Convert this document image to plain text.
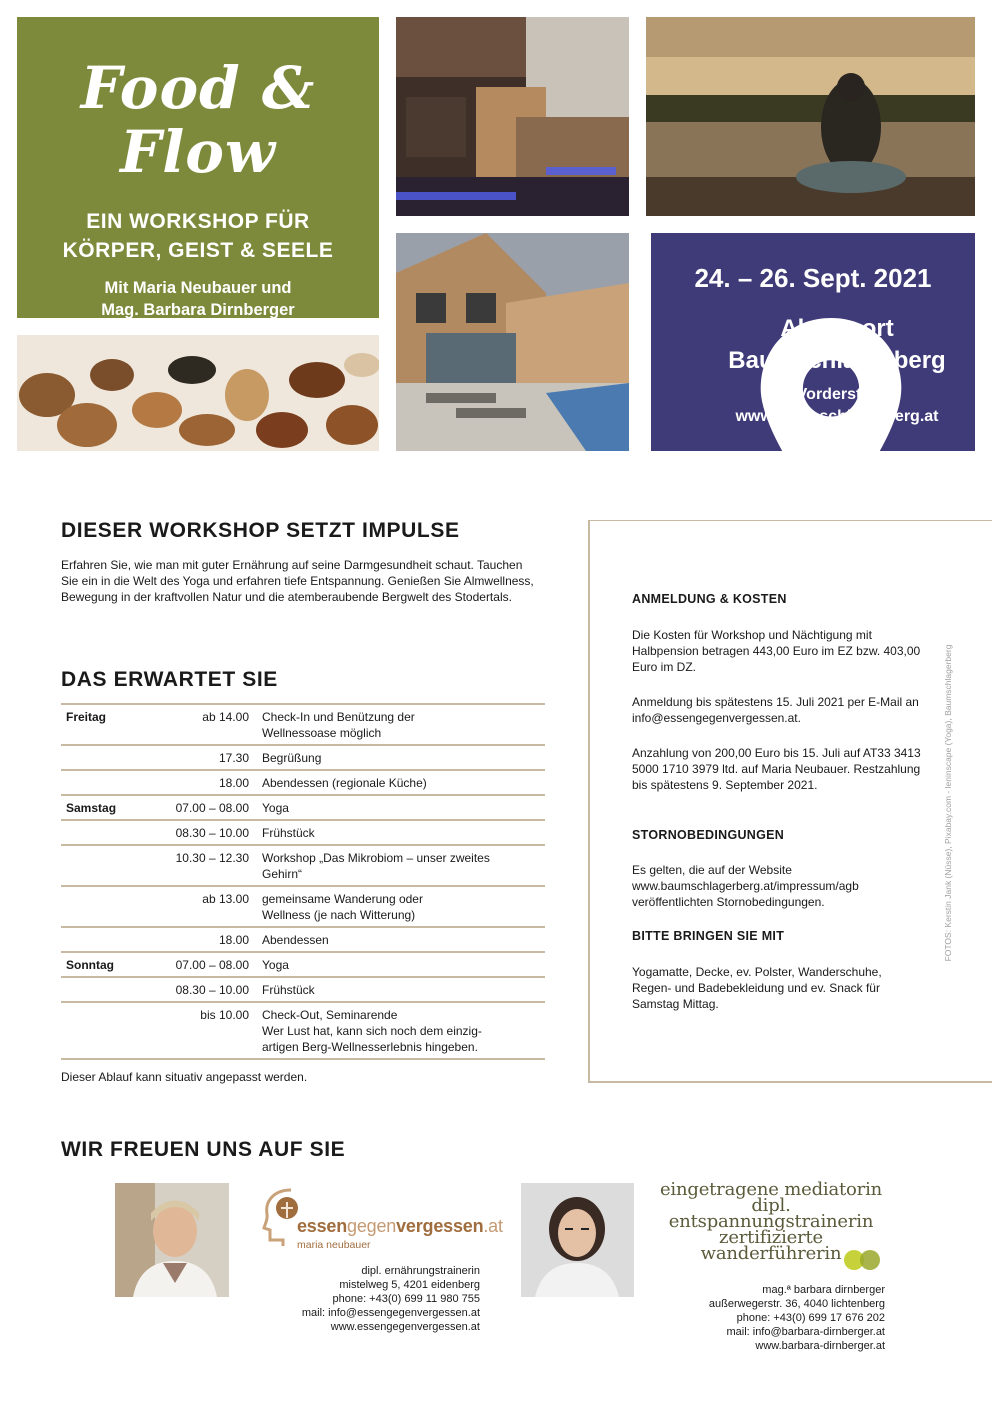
Food & Flow
EIN WORKSHOP FÜR
KÖRPER, GEIST & SEELE
Mit Maria Neubauer und
Mag. Barbara Dirnberger
24. – 26. Sept. 2021
Almresort
Baumschlagerberg
in Vorderstoder
www.baumschlagerberg.at
DIESER WORKSHOP SETZT IMPULSE
Erfahren Sie, wie man mit guter Ernährung auf seine Darmgesundheit schaut. Tauchen Sie ein in die Welt des Yoga und erfahren tiefe Entspannung. Genießen Sie Almwellness, Bewegung in der kraftvollen Natur und die atemberaubende Bergwelt des Stodertals.
DAS ERWARTET SIE
Freitag	ab 14.00	Check-In und Benützung der
Wellnessoase möglich
17.30	Begrüßung
18.00	Abendessen (regionale Küche)
Samstag	07.00 – 08.00	Yoga
08.30 – 10.00	Frühstück
10.30 – 12.30	Workshop „Das Mikrobiom – unser zweites
Gehirn“
ab 13.00	gemeinsame Wanderung oder
Wellness (je nach Witterung)
18.00	Abendessen
Sonntag	07.00 – 08.00	Yoga
08.30 – 10.00	Frühstück
bis 10.00	Check-Out, Seminarende
Wer Lust hat, kann sich noch dem einzig-
artigen Berg-Wellnesserlebnis hingeben.
Dieser Ablauf kann situativ angepasst werden.
ANMELDUNG & KOSTEN
Die Kosten für Workshop und Nächtigung mit Halbpension betragen 443,00 Euro im EZ bzw. 403,00 Euro im DZ.
Anmeldung bis spätestens 15. Juli 2021 per E-Mail an info@essengegenvergessen.at.
Anzahlung von 200,00 Euro bis 15. Juli auf AT33 3413 5000 1710 3979 ltd. auf Maria Neubauer. Restzahlung bis spätestens 9. September 2021.
STORNOBEDINGUNGEN
Es gelten, die auf der Website www.baumschlagerberg.at/impressum/agb veröffentlichten Stornobedingungen.
BITTE BRINGEN SIE MIT
Yogamatte, Decke, ev. Polster, Wanderschuhe, Regen- und Badebekleidung und ev. Snack für Samstag Mittag.
FOTOS: Kerstin Jank (Nüsse), Pixabay.com - leninscape (Yoga), Baumschlagerberg
WIR FREUEN UNS AUF SIE
essengegenvergessen.at
maria neubauer
dipl. ernährungstrainerin
mistelweg 5, 4201 eidenberg
phone: +43(0) 699 11 980 755
mail: info@essengegenvergessen.at
www.essengegenvergessen.at
eingetragene mediatorin
dipl. entspannungstrainerin
zertifizierte wanderführerin
mag.ª barbara dirnberger
außerwegerstr. 36, 4040 lichtenberg
phone: +43(0) 699 17 676 202
mail: info@barbara-dirnberger.at
www.barbara-dirnberger.at
